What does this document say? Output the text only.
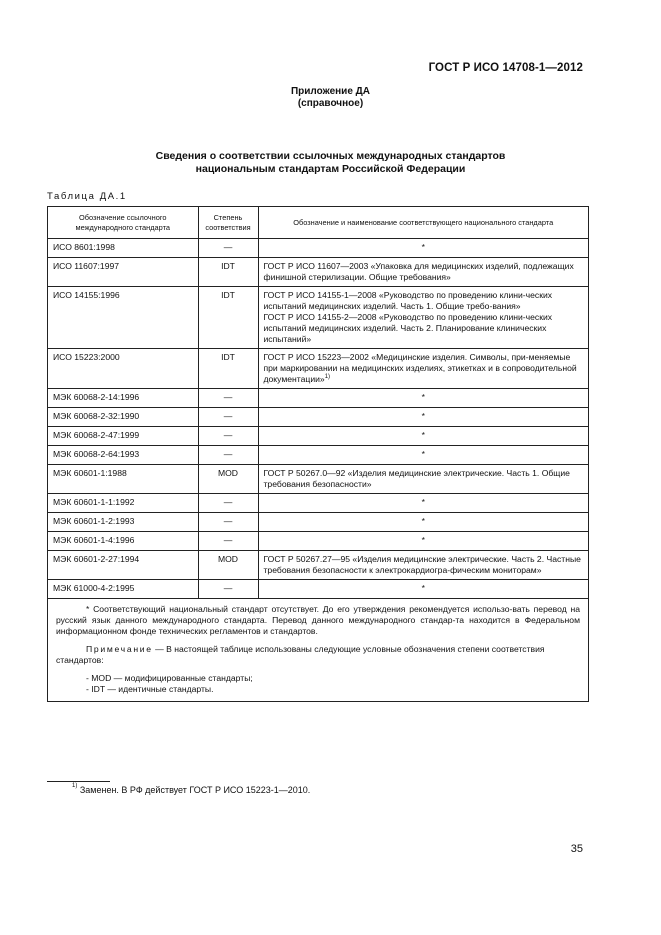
ГОСТ Р ИСО 14708-1—2012
Приложение ДА
(справочное)
Сведения о соответствии ссылочных международных стандартов
национальным стандартам Российской Федерации
Таблица ДА.1
Обозначение ссылочного международного стандарта	Степень соответствия	Обозначение и наименование соответствующего национального стандарта
ИСО 8601:1998	—	*
ИСО 11607:1997	IDT	ГОСТ Р ИСО 11607—2003 «Упаковка для медицинских изделий, подлежащих финишной стерилизации. Общие требования»
ИСО 14155:1996	IDT	ГОСТ Р ИСО 14155-1—2008 «Руководство по проведению клини-ческих испытаний медицинских изделий. Часть 1. Общие требо-вания»
ГОСТ Р ИСО 14155-2—2008 «Руководство по проведению клини-ческих испытаний медицинских изделий. Часть 2. Планирование клинических испытаний»

ИСО 15223:2000	IDT	ГОСТ Р ИСО 15223—2002 «Медицинские изделия. Символы, при-меняемые при маркировании на медицинских изделиях, этикетках и в сопроводительной документации»$^{1)}$
МЭК 60068-2-14:1996	—	*
МЭК 60068-2-32:1990	—	*
МЭК 60068-2-47:1999	—	*
МЭК 60068-2-64:1993	—	*
МЭК 60601-1:1988	MOD	ГОСТ Р 50267.0—92 «Изделия медицинские электрические. Часть 1. Общие требования безопасности»
МЭК 60601-1-1:1992	—	*
МЭК 60601-1-2:1993	—	*
МЭК 60601-1-4:1996	—	*
МЭК 60601-2-27:1994	MOD	ГОСТ Р 50267.27—95 «Изделия медицинские электрические. Часть 2. Частные требования безопасности к электрокардиогра-фическим мониторам»
МЭК 61000-4-2:1995	—	*

* Соответствующий национальный стандарт отсутствует. До его утверждения рекомендуется использо-вать перевод на русский язык данного международного стандарта. Перевод данного международного стандар-та находится в Федеральном информационном фонде технических регламентов и стандартов.

Примечание — В настоящей таблице использованы следующие условные обозначения степени соответствия стандартов:

- MOD — модифицированные стандарты;
- IDT — идентичные стандарты.

$^{1)}$ Заменен. В РФ действует ГОСТ Р ИСО 15223-1—2010.
35
